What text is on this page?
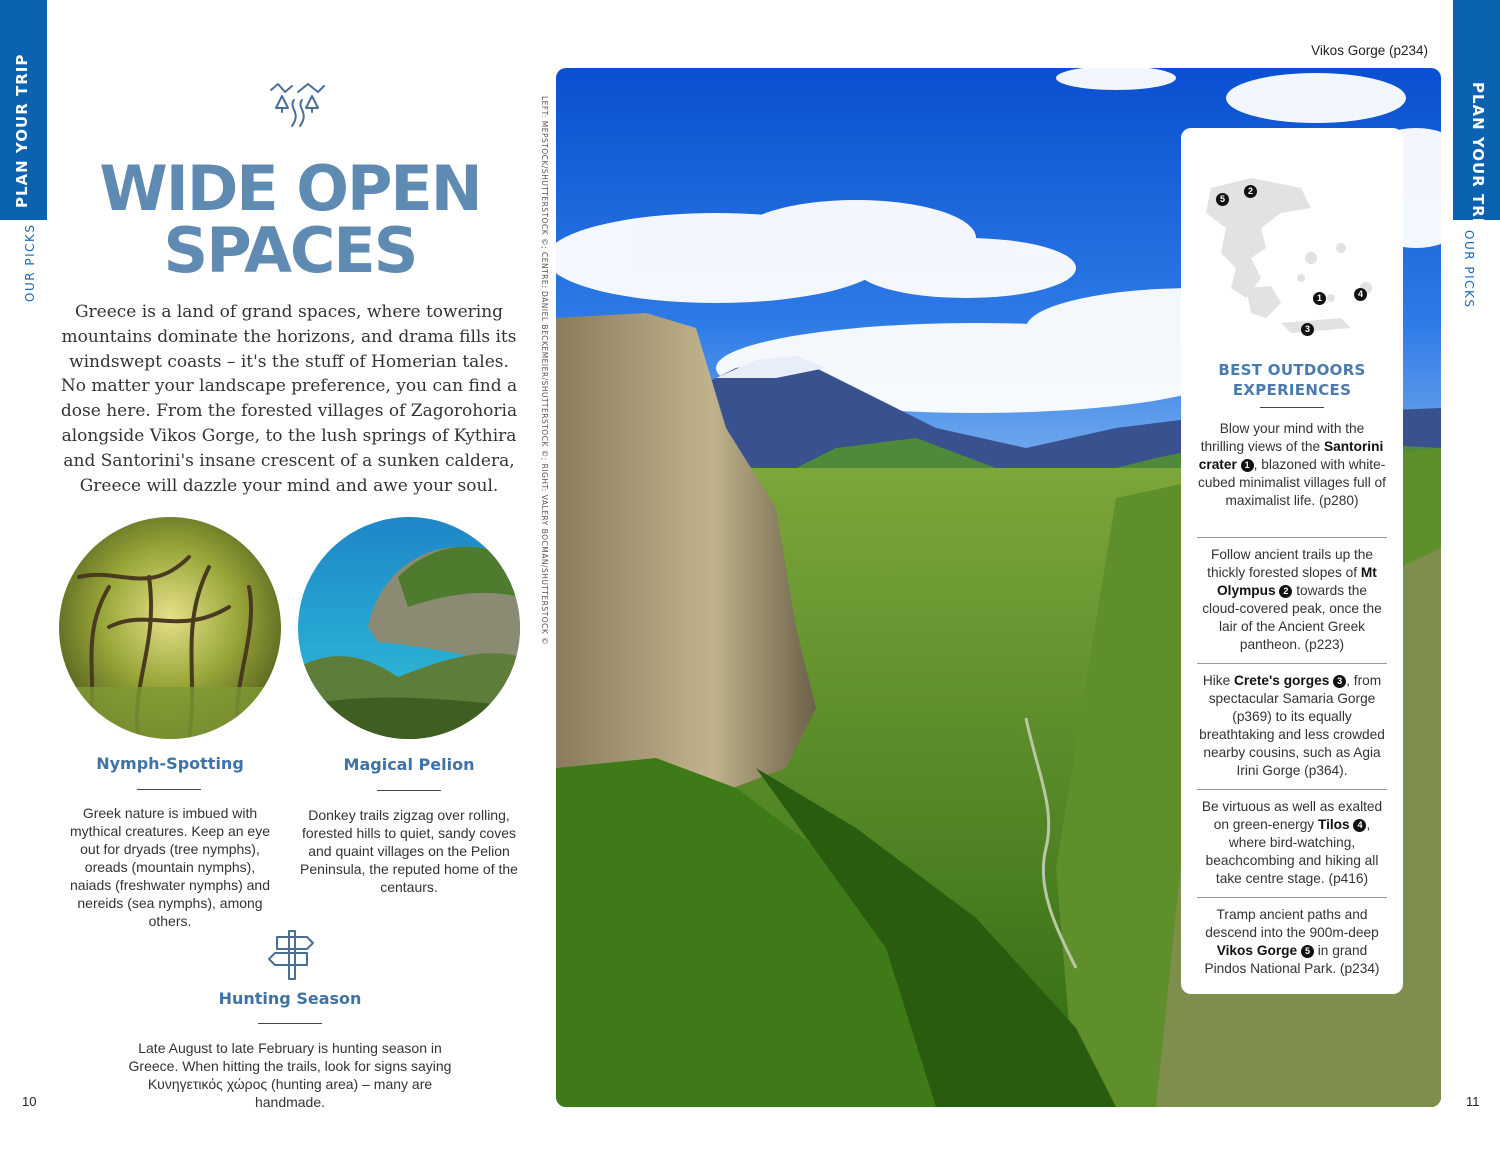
PLAN YOUR TRIP
OUR PICKS
PLAN YOUR TRIP
OUR PICKS
WIDE OPEN
SPACES
Greece is a land of grand spaces, where towering mountains dominate the horizons, and drama fills its windswept coasts – it's the stuff of Homerian tales. No matter your landscape preference, you can find a dose here. From the forested villages of Zagorohoria alongside Vikos Gorge, to the lush springs of Kythira and Santorini's insane crescent of a sunken caldera, Greece will dazzle your mind and awe your soul.
Nymph-Spotting
Greek nature is imbued with mythical creatures. Keep an eye out for dryads (tree nymphs), oreads (mountain nymphs), naiads (freshwater nymphs) and nereids (sea nymphs), among others.
Magical Pelion
Donkey trails zigzag over rolling, forested hills to quiet, sandy coves and quaint villages on the Pelion Peninsula, the reputed home of the centaurs.
Hunting Season
Late August to late February is hunting season in Greece. When hitting the trails, look for signs saying Κυνηγετικός χώρος (hunting area) – many are handmade.
10	11
LEFT: MEPSTOCK/SHUTTERSTOCK ©; CENTRE: DANIEL BECKEMEIER/SHUTTERSTOCK ©; RIGHT: VALERY BOCMAN/SHUTTERSTOCK ©
Vikos Gorge (p234)
5
2
1	4
3
BEST OUTDOORS
EXPERIENCES
Blow your mind with the thrilling views of the Santorini crater 1 , blazoned with white-cubed minimalist villages full of maximalist life. (p280)
Follow ancient trails up the thickly forested slopes of Mt Olympus 2 towards the cloud-covered peak, once the lair of the Ancient Greek pantheon. (p223)
Hike Crete's gorges 3 , from spectacular Samaria Gorge (p369) to its equally breathtaking and less crowded nearby cousins, such as Agia Irini Gorge (p364).
Be virtuous as well as exalted on green-energy Tilos 4 , where bird-watching, beachcombing and hiking all take centre stage. (p416)
Tramp ancient paths and descend into the 900m-deep Vikos Gorge 5 in grand Pindos National Park. (p234)
